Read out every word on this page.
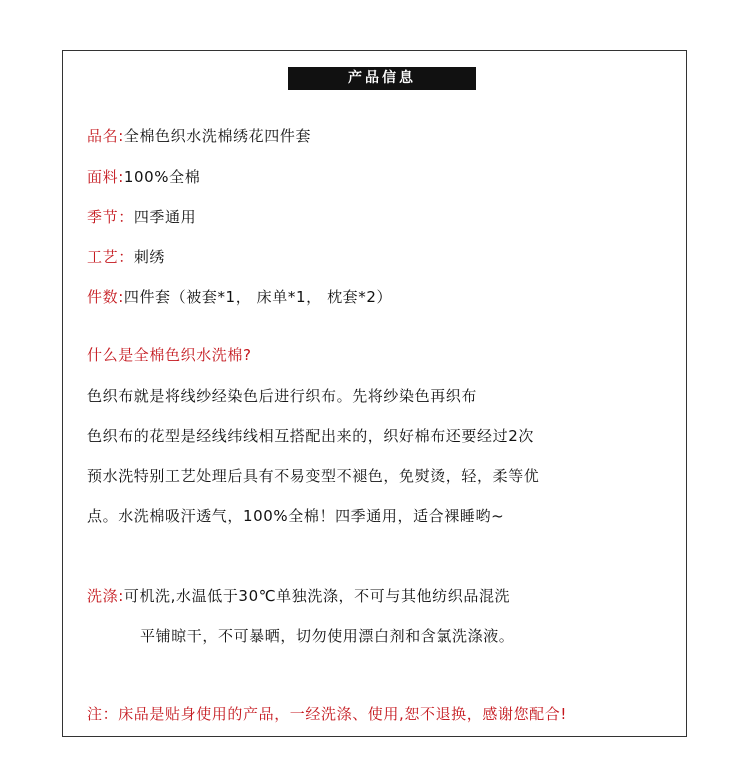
产品信息
品名:全棉色织水洗棉绣花四件套
面料:100%全棉
季节：四季通用
工艺：刺绣
件数:四件套（被套*1， 床单*1， 枕套*2）
什么是全棉色织水洗棉?
色织布就是将线纱经染色后进行织布。先将纱染色再织布
色织布的花型是经线纬线相互搭配出来的，织好棉布还要经过2次
预水洗特别工艺处理后具有不易变型不褪色，免熨烫，轻，柔等优
点。水洗棉吸汗透气，100%全棉！四季通用，适合裸睡哟~
洗涤:可机洗,水温低于30℃单独洗涤，不可与其他纺织品混洗
平铺晾干，不可暴晒，切勿使用漂白剂和含氯洗涤液。
注：床品是贴身使用的产品，一经洗涤、使用,恕不退换，感谢您配合!
